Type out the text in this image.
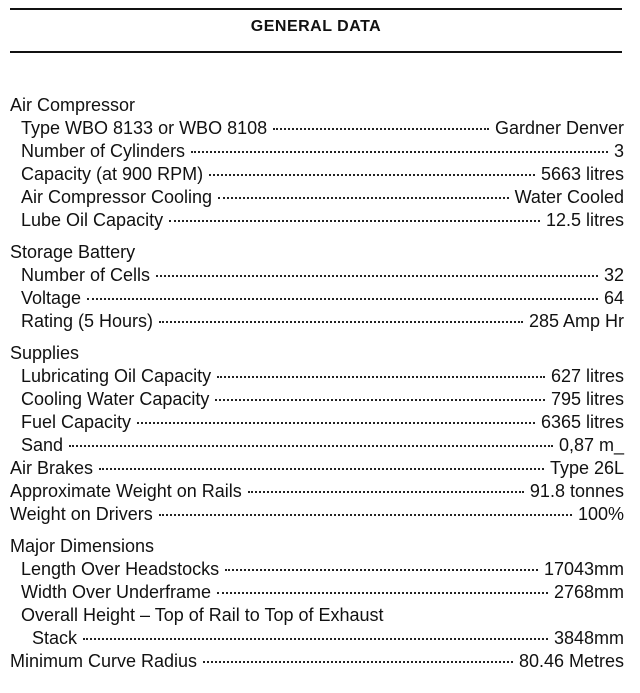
GENERAL DATA
Air Compressor
Type WBO 8133 or WBO 8108	Gardner Denver
Number of Cylinders	3
Capacity (at 900 RPM)	5663 litres
Air Compressor Cooling	Water Cooled
Lube Oil Capacity	12.5 litres
Storage Battery
Number of Cells	32
Voltage	64
Rating (5 Hours)	285 Amp Hr
Supplies
Lubricating Oil Capacity	627 litres
Cooling Water Capacity	795 litres
Fuel Capacity	6365 litres
Sand	0,87 m_
Air Brakes	Type 26L
Approximate Weight on Rails	91.8 tonnes
Weight on Drivers	100%
Major Dimensions
Length Over Headstocks	17043mm
Width Over Underframe	2768mm
Overall Height – Top of Rail to Top of Exhaust
Stack	3848mm
Minimum Curve Radius	80.46 Metres
